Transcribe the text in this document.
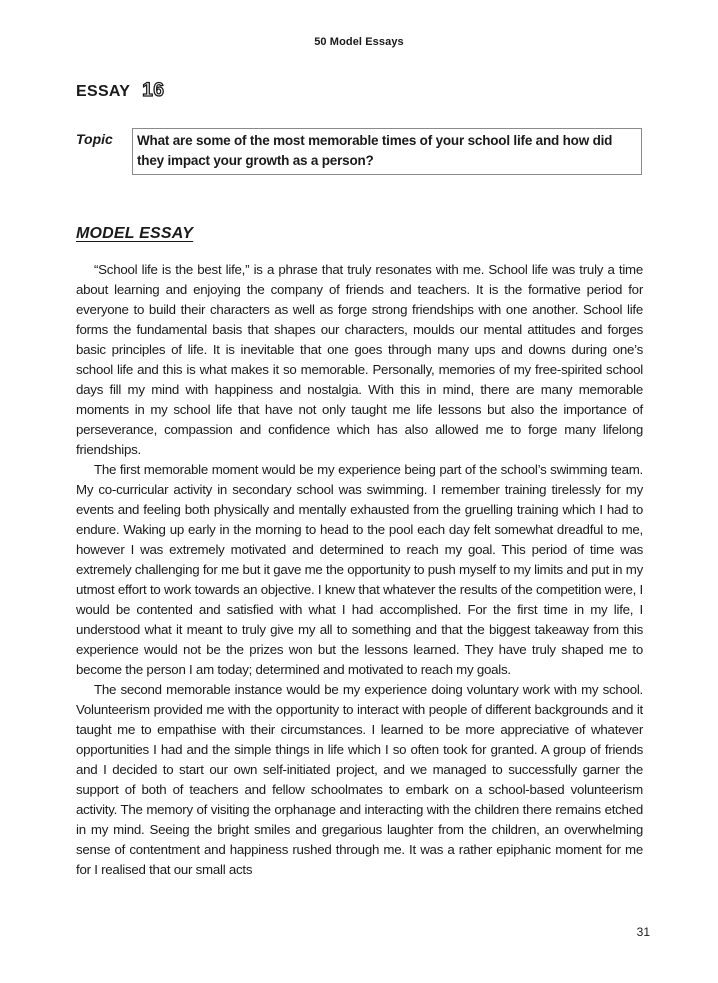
50 Model Essays
ESSAY 16
Topic	What are some of the most memorable times of your school life and how did they impact your growth as a person?
MODEL ESSAY

“School life is the best life,” is a phrase that truly resonates with me. School life was truly a time about learning and enjoying the company of friends and teachers. It is the formative period for everyone to build their characters as well as forge strong friendships with one another. School life forms the fundamental basis that shapes our characters, moulds our mental attitudes and forges basic principles of life. It is inevitable that one goes through many ups and downs during one’s school life and this is what makes it so memorable. Personally, memories of my free-spirited school days fill my mind with happiness and nostalgia. With this in mind, there are many memorable moments in my school life that have not only taught me life lessons but also the importance of perseverance, compassion and confidence which has also allowed me to forge many lifelong friendships.

The first memorable moment would be my experience being part of the school’s swimming team. My co-curricular activity in secondary school was swimming. I remember training tirelessly for my events and feeling both physically and mentally exhausted from the gruelling training which I had to endure. Waking up early in the morning to head to the pool each day felt somewhat dreadful to me, however I was extremely motivated and determined to reach my goal. This period of time was extremely challenging for me but it gave me the opportunity to push myself to my limits and put in my utmost effort to work towards an objective. I knew that whatever the results of the competition were, I would be contented and satisfied with what I had accomplished. For the first time in my life, I understood what it meant to truly give my all to something and that the biggest takeaway from this experience would not be the prizes won but the lessons learned. They have truly shaped me to become the person I am today; determined and motivated to reach my goals.

The second memorable instance would be my experience doing voluntary work with my school. Volunteerism provided me with the opportunity to interact with people of different backgrounds and it taught me to empathise with their circumstances. I learned to be more appreciative of whatever opportunities I had and the simple things in life which I so often took for granted. A group of friends and I decided to start our own self-initiated project, and we managed to successfully garner the support of both of teachers and fellow schoolmates to embark on a school-based volunteerism activity. The memory of visiting the orphanage and interacting with the children there remains etched in my mind. Seeing the bright smiles and gregarious laughter from the children, an overwhelming sense of contentment and happiness rushed through me. It was a rather epiphanic moment for me for I realised that our small acts

31
